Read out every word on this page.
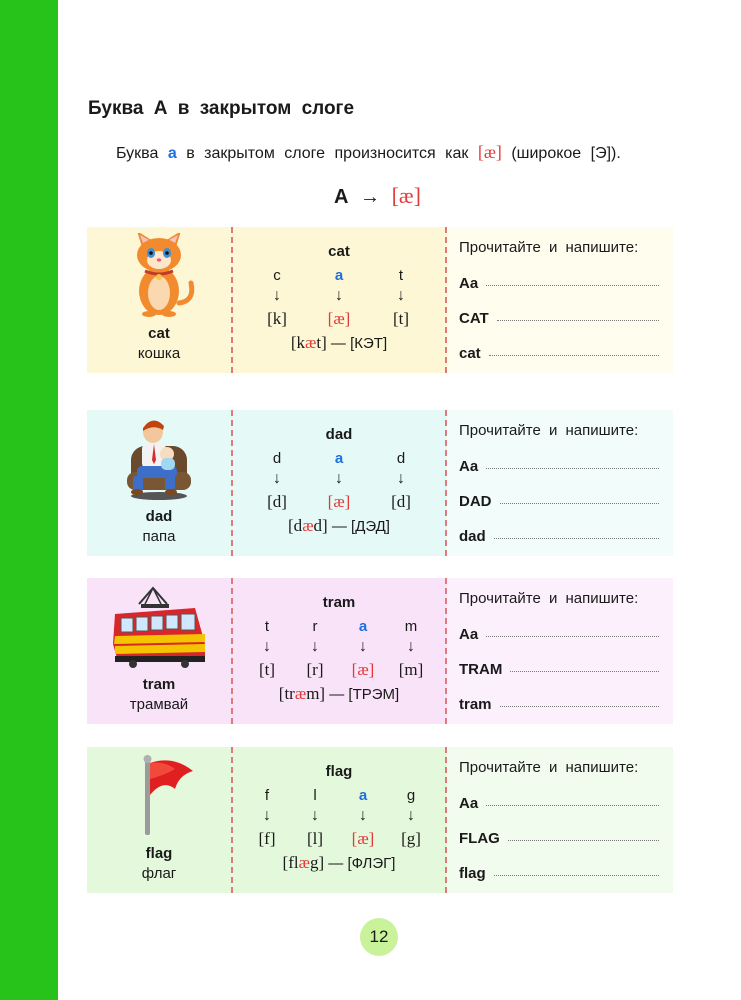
Буква А в закрытом слоге
Буква a в закрытом слоге произносится как [æ] (широкое [Э]).
A → [æ]
cat
кошка
cat
c	a	t
↓	↓	↓
[k]	[æ]	[t]
[kæt] — [КЭТ]
Прочитайте и напишите:
Aa
CAT
cat
dad
папа
dad
d	a	d
↓	↓	↓
[d]	[æ]	[d]
[dæd] — [ДЭД]
Прочитайте и напишите:
Aa
DAD
dad
tram
трамвай
tram
t	r	a	m
↓	↓	↓	↓
[t]	[r]	[æ]	[m]
[træm] — [ТРЭМ]
Прочитайте и напишите:
Aa
TRAM
tram
flag
флаг
flag
f	l	a	g
↓	↓	↓	↓
[f]	[l]	[æ]	[g]
[flæg] — [ФЛЭГ]
Прочитайте и напишите:
Aa
FLAG
flag
12
